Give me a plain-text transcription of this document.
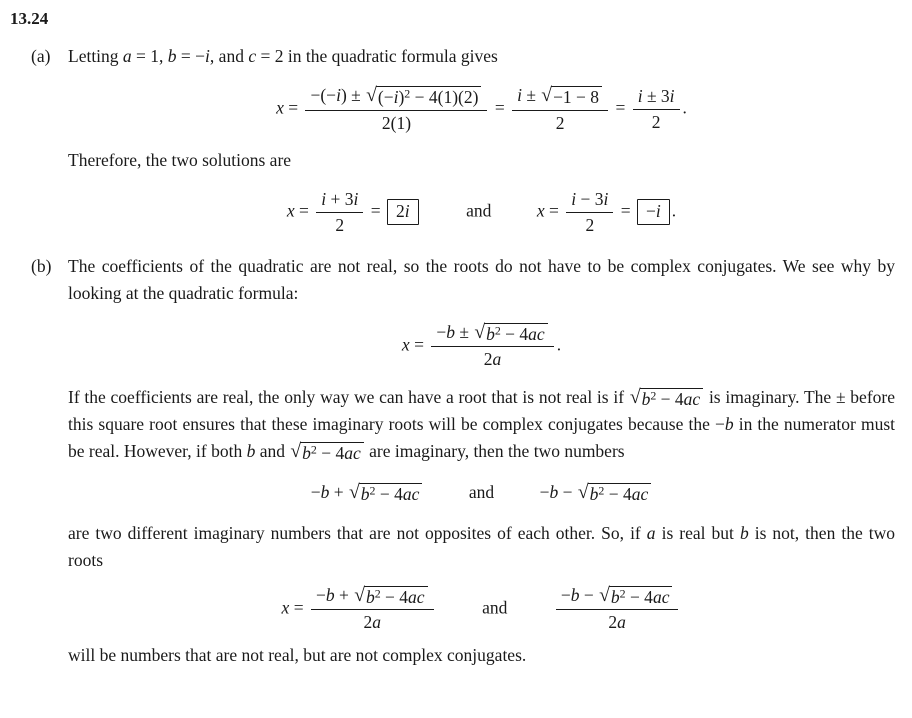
13.24
(a)	Letting a = 1, b = −i, and c = 2 in the quadratic formula gives

$x = \frac{-(-i) \pm √ (-i)^2 - 4(1)(2)}{2(1)} = \frac{i \pm √ -1 - 8}{2} = \frac{i \pm 3i}{2}$ .

Therefore, the two solutions are

$x = \frac{i + 3i}{2} = 2i$	and	$x = \frac{i - 3i}{2} = -i$ .
(b) The coefficients of the quadratic are not real, so the roots do not have to be complex conjugates. We see why by looking at the quadratic formula:

$x = \frac{-b \pm √ b^2 - 4ac}{2a}$ .

If the coefficients are real, the only way we can have a root that is not real is if √ $b^2 - 4ac$ is imaginary. The ± before this square root ensures that these imaginary roots will be complex conjugates because the −b in the numerator must be real. However, if both b and √ $b^2 - 4ac$ are imaginary, then the two numbers

−b + √ $b^2 - 4ac$	and	−b − √ $b^2 - 4ac$

are two different imaginary numbers that are not opposites of each other. So, if a is real but b is not, then the two roots

$x = \frac{-b + √ b^2 - 4ac}{2a}$	and	$\frac{-b - √ b^2 - 4ac}{2a}$

will be numbers that are not real, but are not complex conjugates.
